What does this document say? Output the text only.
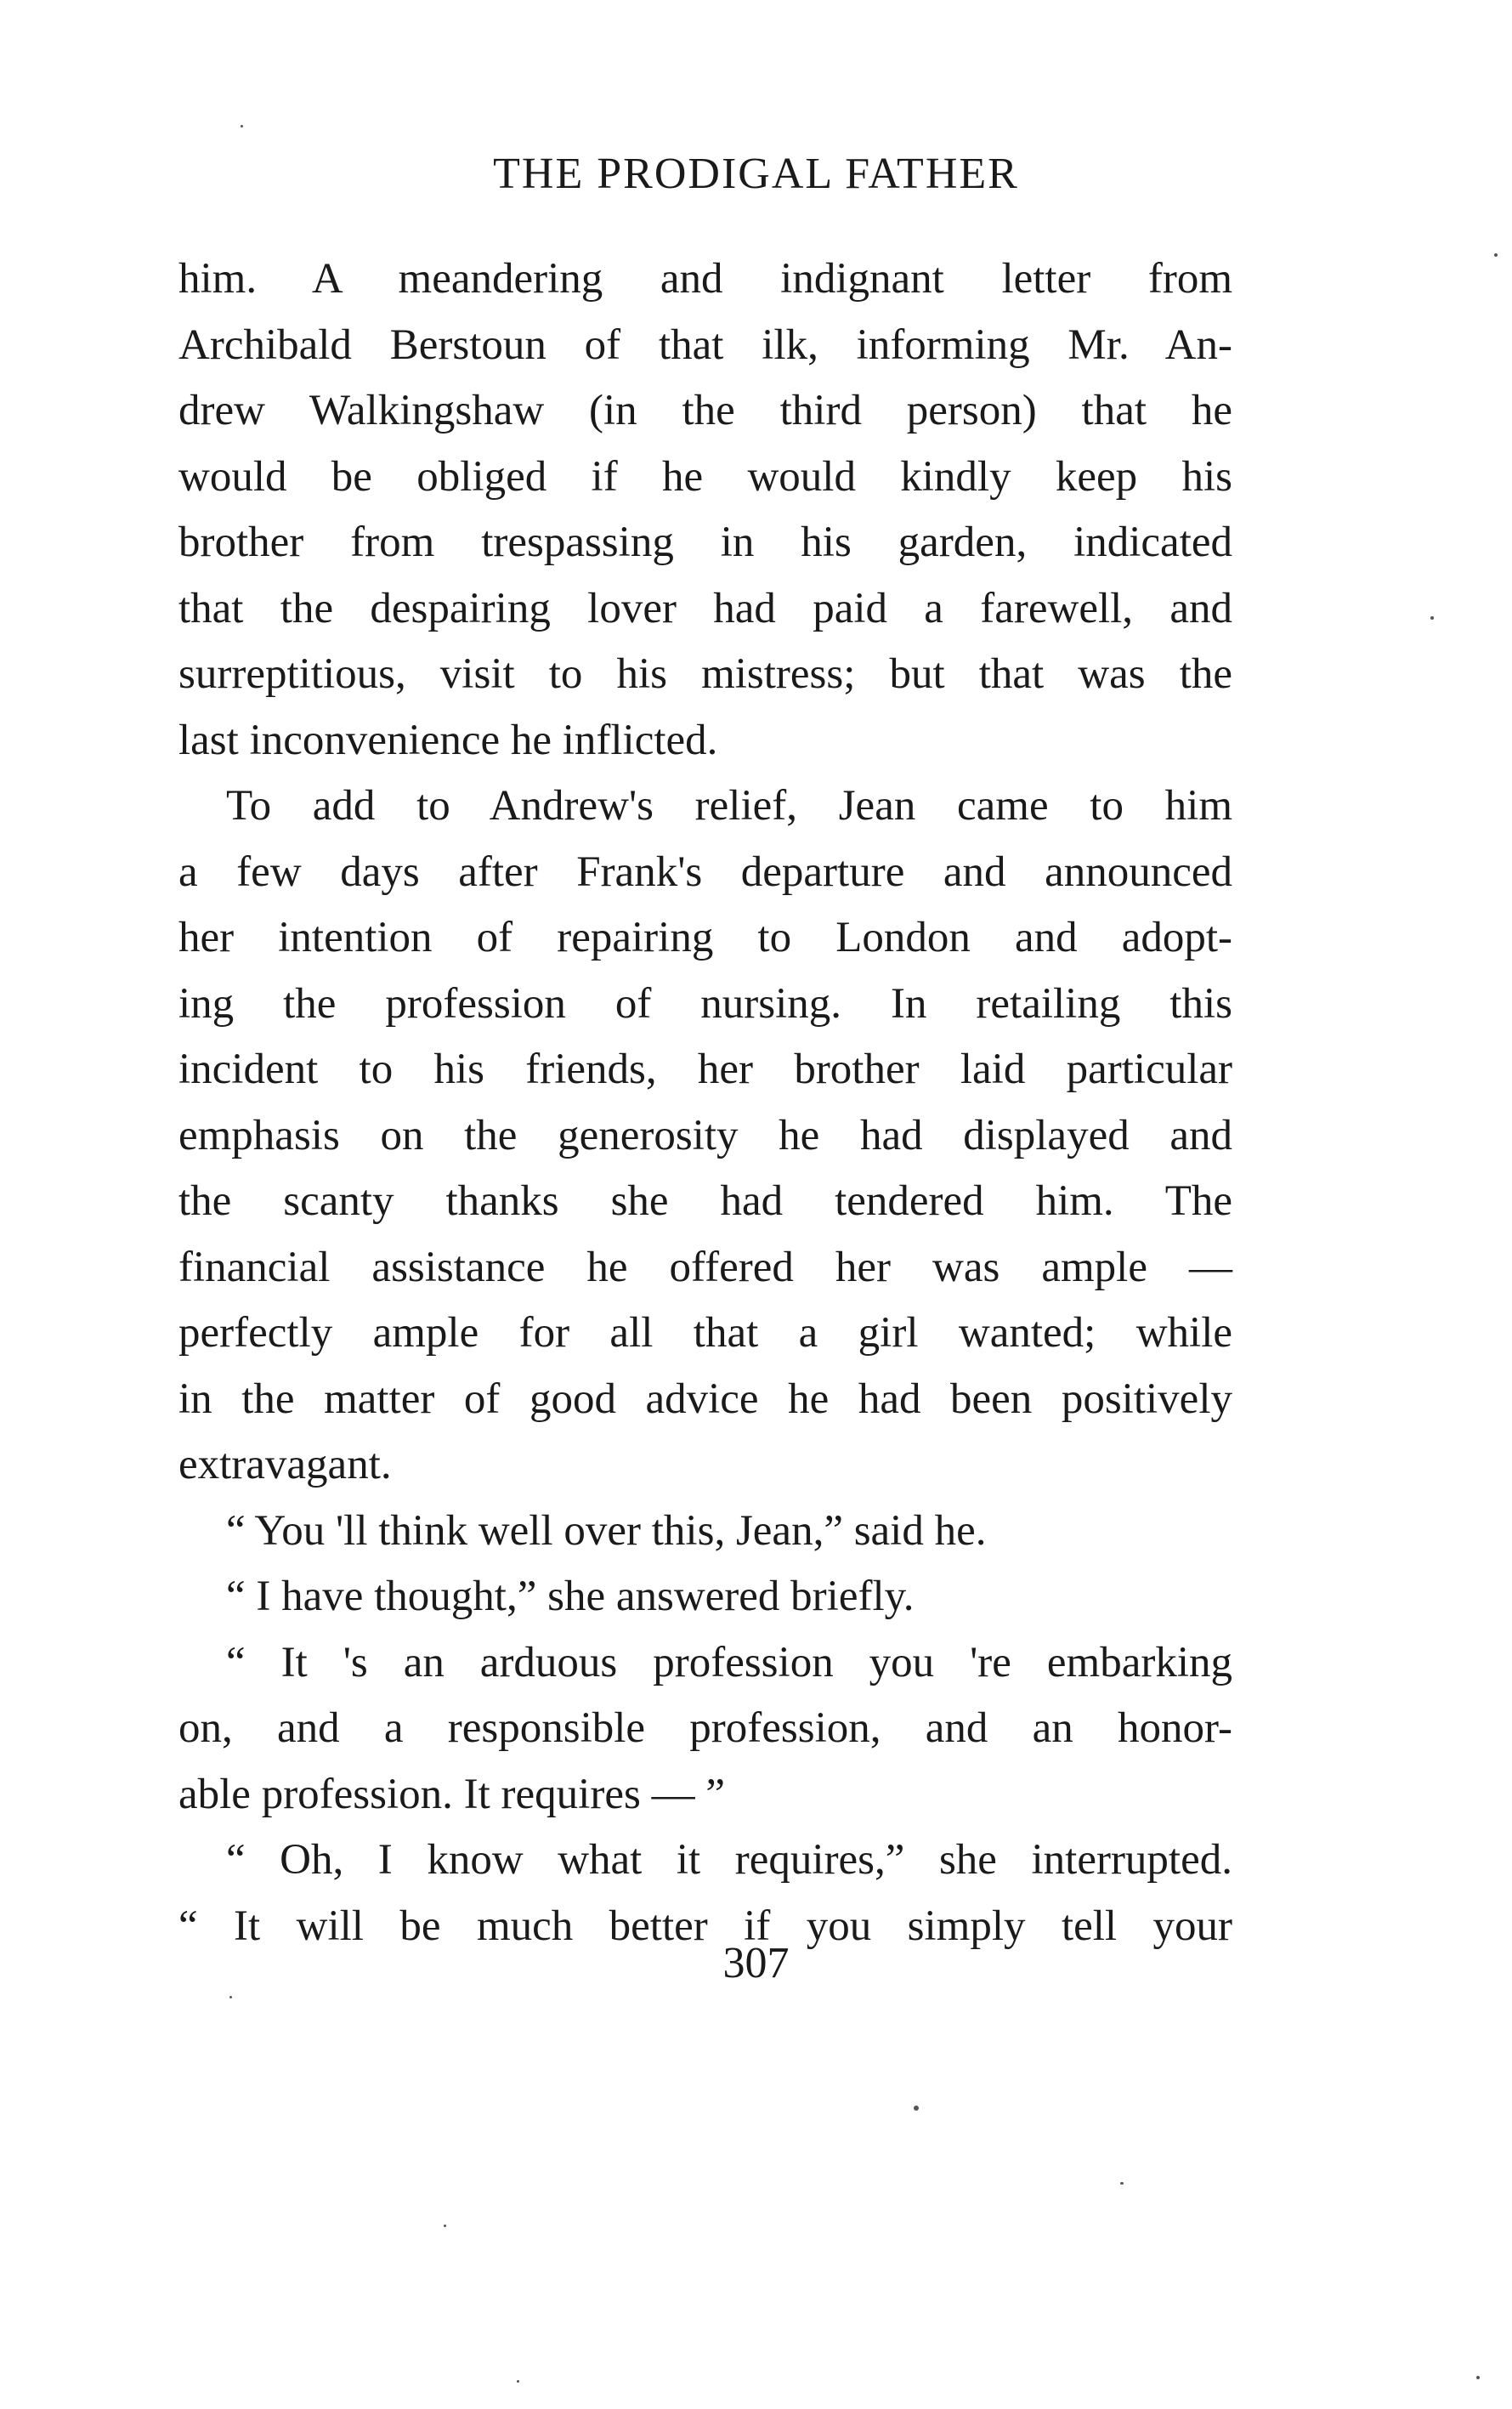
THE PRODIGAL FATHER
him. A meandering and indignant letter from
Archibald Berstoun of that ilk, informing Mr. An-
drew Walkingshaw (in the third person) that he
would be obliged if he would kindly keep his
brother from trespassing in his garden, indicated
that the despairing lover had paid a farewell, and
surreptitious, visit to his mistress; but that was the
last inconvenience he inflicted.
To add to Andrew's relief, Jean came to him
a few days after Frank's departure and announced
her intention of repairing to London and adopt-
ing the profession of nursing. In retailing this
incident to his friends, her brother laid particular
emphasis on the generosity he had displayed and
the scanty thanks she had tendered him. The
financial assistance he offered her was ample —
perfectly ample for all that a girl wanted; while
in the matter of good advice he had been positively
extravagant.
“ You 'll think well over this, Jean,” said he.
“ I have thought,” she answered briefly.
“ It 's an arduous profession you 're embarking
on, and a responsible profession, and an honor-
able profession. It requires — ”
“ Oh, I know what it requires,” she interrupted.
“ It will be much better if you simply tell your
307
